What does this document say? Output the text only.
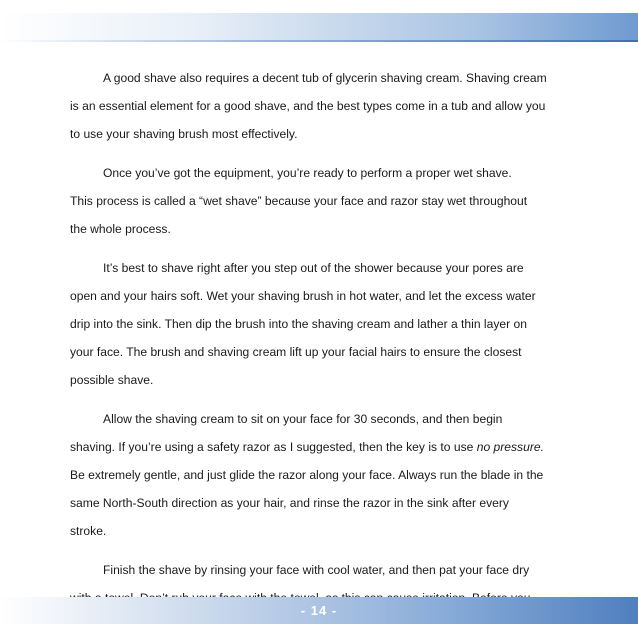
A good shave also requires a decent tub of glycerin shaving cream. Shaving cream
is an essential element for a good shave, and the best types come in a tub and allow you
to use your shaving brush most effectively.

Once you’ve got the equipment, you’re ready to perform a proper wet shave.
This process is called a “wet shave” because your face and razor stay wet throughout
the whole process.

It’s best to shave right after you step out of the shower because your pores are
open and your hairs soft. Wet your shaving brush in hot water, and let the excess water
drip into the sink. Then dip the brush into the shaving cream and lather a thin layer on
your face. The brush and shaving cream lift up your facial hairs to ensure the closest
possible shave.

Allow the shaving cream to sit on your face for 30 seconds, and then begin
shaving. If you’re using a safety razor as I suggested, then the key is to use no pressure.
Be extremely gentle, and just glide the razor along your face. Always run the blade in the
same North-South direction as your hair, and rinse the razor in the sink after every
stroke.

Finish the shave by rinsing your face with cool water, and then pat your face dry

- 14 -
